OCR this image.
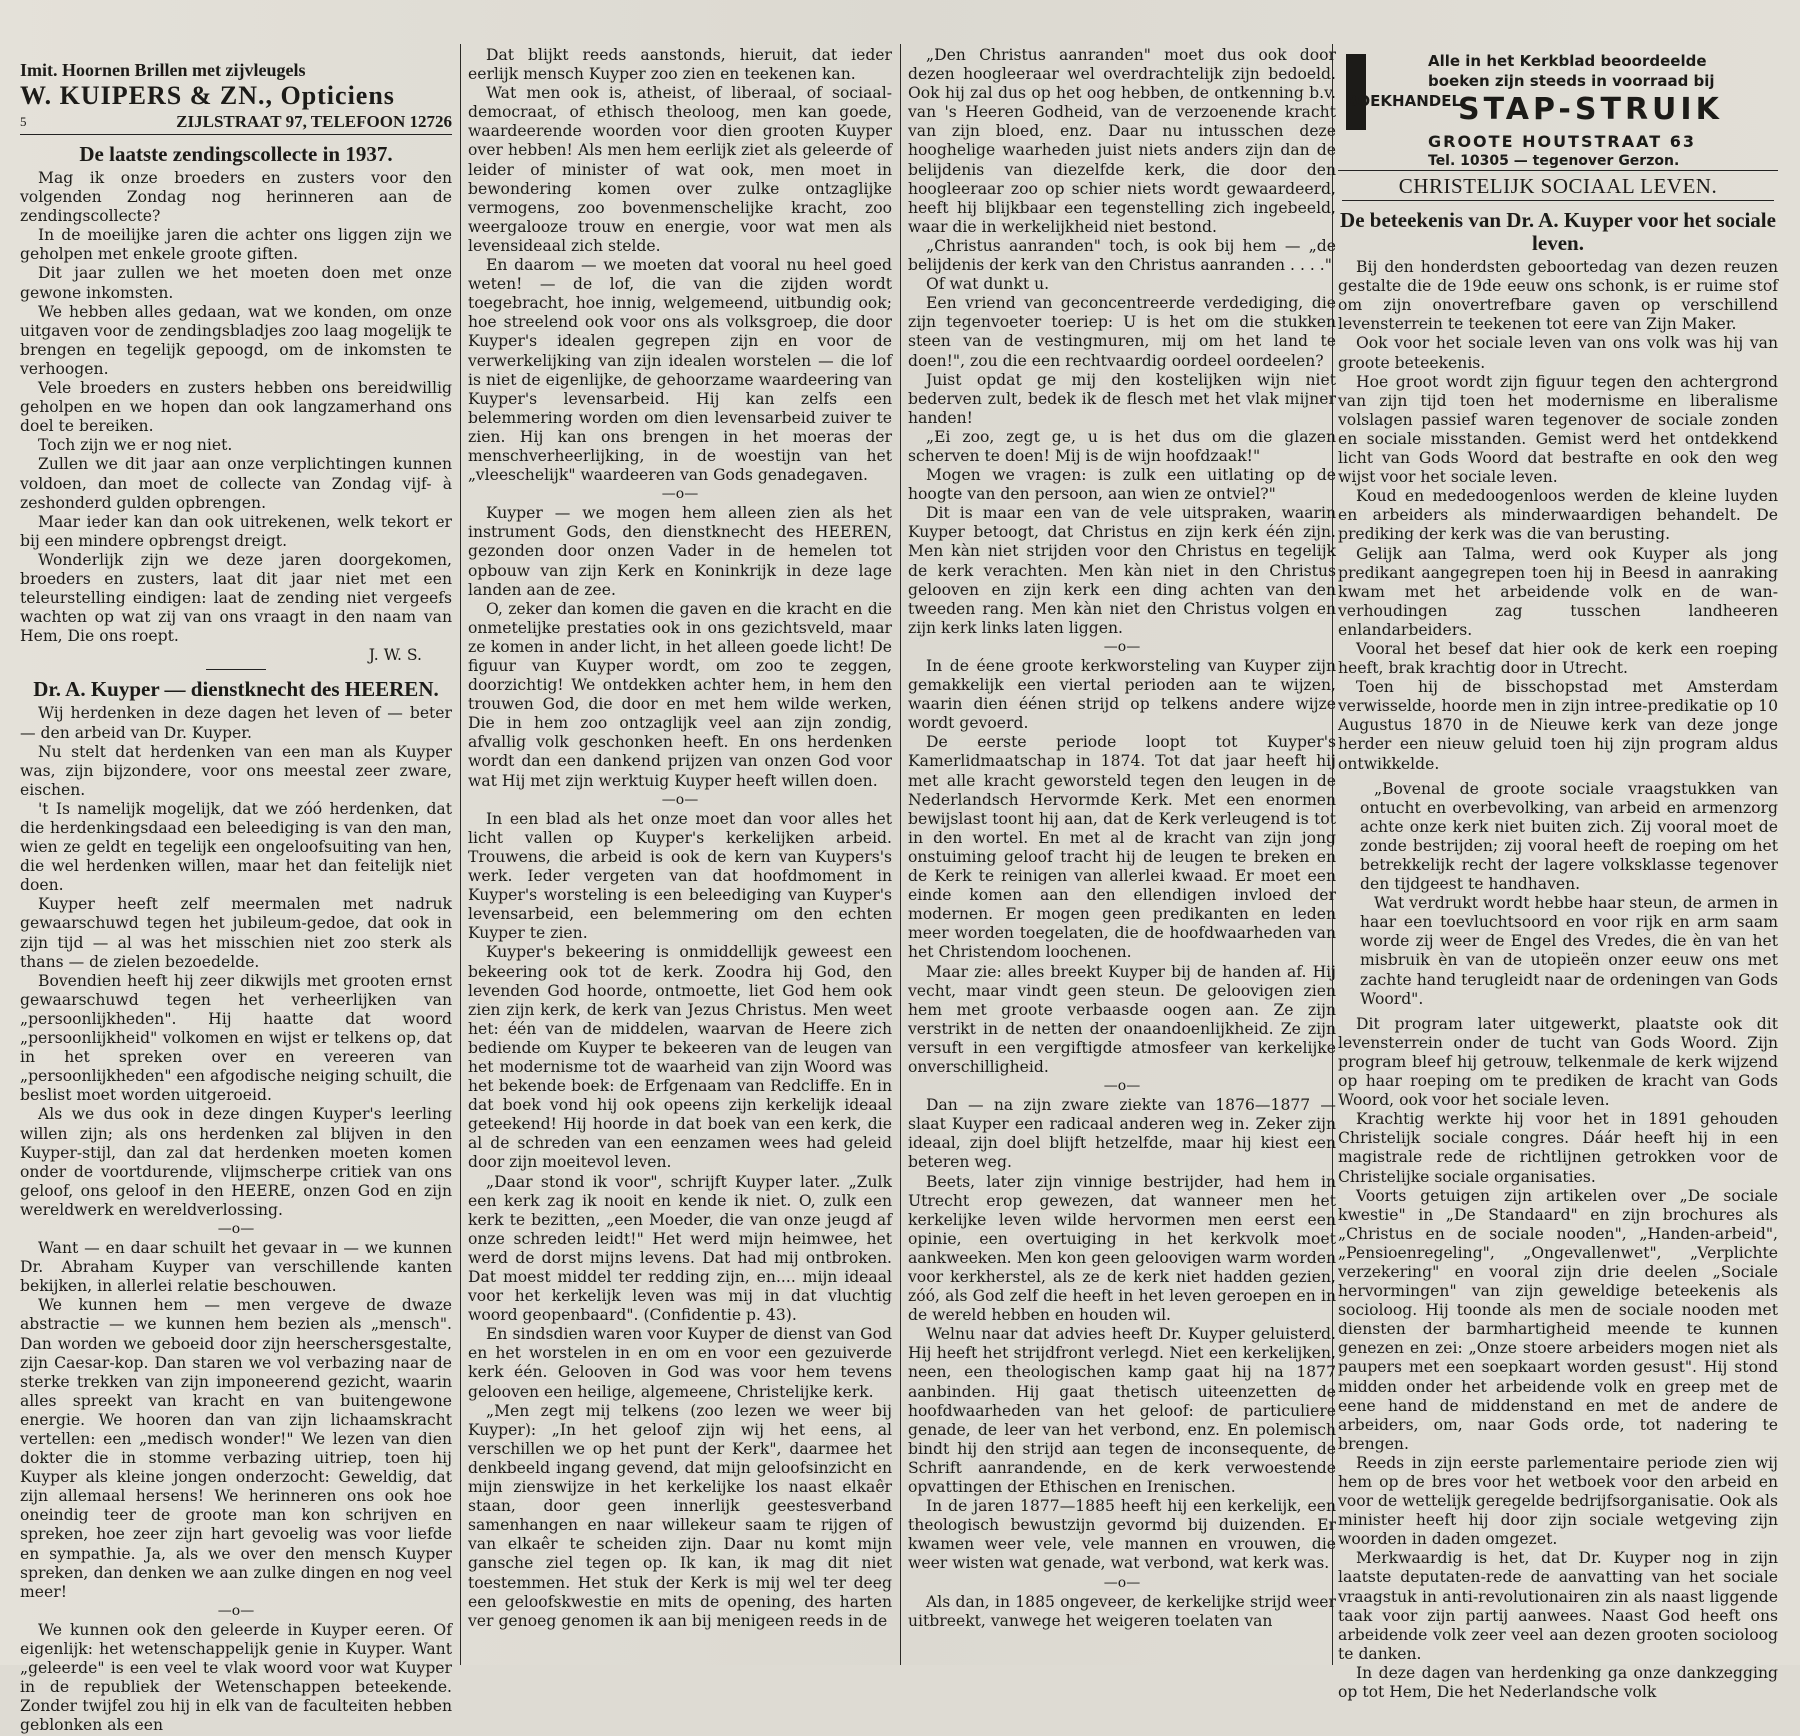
Imit. Hoornen Brillen met zijvleugels
W. KUIPERS & ZN., Opticiens
5	ZIJLSTRAAT 97, TELEFOON 12726
De laatste zendingscollecte in 1937.

Mag ik onze broeders en zusters voor den volgenden Zondag nog herinneren aan de zendingscollecte?

In de moeilijke jaren die achter ons liggen zijn we geholpen met enkele groote giften.

Dit jaar zullen we het moeten doen met onze gewone inkomsten.

We hebben alles gedaan, wat we konden, om onze uitgaven voor de zendingsbladjes zoo laag mogelijk te brengen en tegelijk gepoogd, om de inkomsten te verhoogen.

Vele broeders en zusters hebben ons bereidwillig geholpen en we hopen dan ook langzamerhand ons doel te bereiken.

Toch zijn we er nog niet.

Zullen we dit jaar aan onze verplichtingen kunnen voldoen, dan moet de collecte van Zondag vijf- à zeshonderd gulden opbrengen.

Maar ieder kan dan ook uitrekenen, welk tekort er bij een mindere opbrengst dreigt.

Wonderlijk zijn we deze jaren doorgekomen, broeders en zusters, laat dit jaar niet met een teleurstelling eindigen: laat de zending niet vergeefs wachten op wat zij van ons vraagt in den naam van Hem, Die ons roept.

J. W. S.

Dr. A. Kuyper — dienstknecht des HEEREN.

Wij herdenken in deze dagen het leven of — beter — den arbeid van Dr. Kuyper.

Nu stelt dat herdenken van een man als Kuyper was, zijn bijzondere, voor ons meestal zeer zware, eischen.

't Is namelijk mogelijk, dat we zóó herdenken, dat die herdenkingsdaad een beleediging is van den man, wien ze geldt en tegelijk een ongeloofsuiting van hen, die wel herdenken willen, maar het dan feitelijk niet doen.

Kuyper heeft zelf meermalen met nadruk gewaarschuwd tegen het jubileum-gedoe, dat ook in zijn tijd — al was het misschien niet zoo sterk als thans — de zielen bezoedelde.

Bovendien heeft hij zeer dikwijls met grooten ernst gewaarschuwd tegen het verheerlijken van „persoonlijkheden". Hij haatte dat woord „persoonlijkheid" volkomen en wijst er telkens op, dat in het spreken over en vereeren van „persoonlijkheden" een afgodische neiging schuilt, die beslist moet worden uitgeroeid.

Als we dus ook in deze dingen Kuyper's leerling willen zijn; als ons herdenken zal blijven in den Kuyper-stijl, dan zal dat herdenken moeten komen onder de voortdurende, vlijmscherpe critiek van ons geloof, ons geloof in den HEERE, onzen God en zijn wereldwerk en wereldverlossing.

—o—

Want — en daar schuilt het gevaar in — we kunnen Dr. Abraham Kuyper van verschillende kanten bekijken, in allerlei relatie beschouwen.

We kunnen hem — men vergeve de dwaze abstractie — we kunnen hem bezien als „mensch". Dan worden we geboeid door zijn heerschersgestalte, zijn Caesar-kop. Dan staren we vol verbazing naar de sterke trekken van zijn imponeerend gezicht, waarin alles spreekt van kracht en van buitengewone energie. We hooren dan van zijn lichaamskracht vertellen: een „medisch wonder!" We lezen van dien dokter die in stomme verbazing uitriep, toen hij Kuyper als kleine jongen onderzocht: Geweldig, dat zijn allemaal hersens! We herinneren ons ook hoe oneindig teer de groote man kon schrijven en spreken, hoe zeer zijn hart gevoelig was voor liefde en sympathie. Ja, als we over den mensch Kuyper spreken, dan denken we aan zulke dingen en nog veel meer!

—o—

We kunnen ook den geleerde in Kuyper eeren. Of eigenlijk: het wetenschappelijk genie in Kuyper. Want „geleerde" is een veel te vlak woord voor wat Kuyper in de republiek der Wetenschappen beteekende. Zonder twijfel zou hij in elk van de faculteiten hebben geblonken als een

Dat blijkt reeds aanstonds, hieruit, dat ieder eerlijk mensch Kuyper zoo zien en teekenen kan.

Wat men ook is, atheist, of liberaal, of sociaal-democraat, of ethisch theoloog, men kan goede, waardeerende woorden voor dien grooten Kuyper over hebben! Als men hem eerlijk ziet als geleerde of leider of minister of wat ook, men moet in bewondering komen over zulke ontzaglijke vermogens, zoo bovenmenschelijke kracht, zoo weergalooze trouw en energie, voor wat men als levensideaal zich stelde.

En daarom — we moeten dat vooral nu heel goed weten! — de lof, die van die zijden wordt toegebracht, hoe innig, welgemeend, uitbundig ook; hoe streelend ook voor ons als volksgroep, die door Kuyper's idealen gegrepen zijn en voor de verwerkelijking van zijn idealen worstelen — die lof is niet de eigenlijke, de gehoorzame waardeering van Kuyper's levensarbeid. Hij kan zelfs een belemmering worden om dien levensarbeid zuiver te zien. Hij kan ons brengen in het moeras der menschverheerlijking, in de woestijn van het „vleeschelijk" waardeeren van Gods genadegaven.

—o—

Kuyper — we mogen hem alleen zien als het instrument Gods, den dienstknecht des HEEREN, gezonden door onzen Vader in de hemelen tot opbouw van zijn Kerk en Koninkrijk in deze lage landen aan de zee.

O, zeker dan komen die gaven en die kracht en die onmetelijke prestaties ook in ons gezichtsveld, maar ze komen in ander licht, in het alleen goede licht! De figuur van Kuyper wordt, om zoo te zeggen, doorzichtig! We ontdekken achter hem, in hem den trouwen God, die door en met hem wilde werken, Die in hem zoo ontzaglijk veel aan zijn zondig, afvallig volk geschonken heeft. En ons herdenken wordt dan een dankend prijzen van onzen God voor wat Hij met zijn werktuig Kuyper heeft willen doen.

—o—

In een blad als het onze moet dan voor alles het licht vallen op Kuyper's kerkelijken arbeid. Trouwens, die arbeid is ook de kern van Kuypers's werk. Ieder vergeten van dat hoofdmoment in Kuyper's worsteling is een beleediging van Kuyper's levensarbeid, een belemmering om den echten Kuyper te zien.

Kuyper's bekeering is onmiddellijk geweest een bekeering ook tot de kerk. Zoodra hij God, den levenden God hoorde, ontmoette, liet God hem ook zien zijn kerk, de kerk van Jezus Christus. Men weet het: één van de middelen, waarvan de Heere zich bediende om Kuyper te bekeeren van de leugen van het modernisme tot de waarheid van zijn Woord was het bekende boek: de Erfgenaam van Redcliffe. En in dat boek vond hij ook opeens zijn kerkelijk ideaal geteekend! Hij hoorde in dat boek van een kerk, die al de schreden van een eenzamen wees had geleid door zijn moeitevol leven.

„Daar stond ik voor", schrijft Kuyper later. „Zulk een kerk zag ik nooit en kende ik niet. O, zulk een kerk te bezitten, „een Moeder, die van onze jeugd af onze schreden leidt!" Het werd mijn heimwee, het werd de dorst mijns levens. Dat had mij ontbroken. Dat moest middel ter redding zijn, en.... mijn ideaal voor het kerkelijk leven was mij in dat vluchtig woord geopenbaard". (Confidentie p. 43).

En sindsdien waren voor Kuyper de dienst van God en het worstelen in en om en voor een gezuiverde kerk één. Gelooven in God was voor hem tevens gelooven een heilige, algemeene, Christelijke kerk.

„Men zegt mij telkens (zoo lezen we weer bij Kuyper): „In het geloof zijn wij het eens, al verschillen we op het punt der Kerk", daarmee het denkbeeld ingang gevend, dat mijn geloofsinzicht en mijn zienswijze in het kerkelijke los naast elkaêr staan, door geen innerlijk geestesverband samenhangen en naar willekeur saam te rijgen of van elkaêr te scheiden zijn. Daar nu komt mijn gansche ziel tegen op. Ik kan, ik mag dit niet toestemmen. Het stuk der Kerk is mij wel ter deeg een geloofskwestie en mits de opening, des harten ver genoeg genomen ik aan bij menigeen reeds in de

„Den Christus aanranden" moet dus ook door dezen hoogleeraar wel overdrachtelijk zijn bedoeld. Ook hij zal dus op het oog hebben, de ontkenning b.v. van 's Heeren Godheid, van de verzoenende kracht van zijn bloed, enz. Daar nu intusschen deze hooghelige waarheden juist niets anders zijn dan de belijdenis van diezelfde kerk, die door den hoogleeraar zoo op schier niets wordt gewaardeerd, heeft hij blijkbaar een tegenstelling zich ingebeeld, waar die in werkelijkheid niet bestond.

„Christus aanranden" toch, is ook bij hem — „de belijdenis der kerk van den Christus aanranden . . . ."

Of wat dunkt u.

Een vriend van geconcentreerde verdediging, die zijn tegenvoeter toeriep: U is het om die stukken steen van de vestingmuren, mij om het land te doen!", zou die een rechtvaardig oordeel oordeelen?

Juist opdat ge mij den kostelijken wijn niet bederven zult, bedek ik de flesch met het vlak mijner handen!

„Ei zoo, zegt ge, u is het dus om die glazen scherven te doen! Mij is de wijn hoofdzaak!"

Mogen we vragen: is zulk een uitlating op de hoogte van den persoon, aan wien ze ontviel?"

Dit is maar een van de vele uitspraken, waarin Kuyper betoogt, dat Christus en zijn kerk één zijn. Men kàn niet strijden voor den Christus en tegelijk de kerk verachten. Men kàn niet in den Christus gelooven en zijn kerk een ding achten van den tweeden rang. Men kàn niet den Christus volgen en zijn kerk links laten liggen.

—o—

In de éene groote kerkworsteling van Kuyper zijn gemakkelijk een viertal perioden aan te wijzen, waarin dien éénen strijd op telkens andere wijze wordt gevoerd.

De eerste periode loopt tot Kuyper's Kamerlidmaatschap in 1874. Tot dat jaar heeft hij met alle kracht geworsteld tegen den leugen in de Nederlandsch Hervormde Kerk. Met een enormen bewijslast toont hij aan, dat de Kerk verleugend is tot in den wortel. En met al de kracht van zijn jong onstuiming geloof tracht hij de leugen te breken en de Kerk te reinigen van allerlei kwaad. Er moet een einde komen aan den ellendigen invloed der modernen. Er mogen geen predikanten en leden meer worden toegelaten, die de hoofdwaarheden van het Christendom loochenen.

Maar zie: alles breekt Kuyper bij de handen af. Hij vecht, maar vindt geen steun. De geloovigen zien hem met groote verbaasde oogen aan. Ze zijn verstrikt in de netten der onaandoenlijkheid. Ze zijn versuft in een vergiftigde atmosfeer van kerkelijke onverschilligheid.

—o—

Dan — na zijn zware ziekte van 1876—1877 — slaat Kuyper een radicaal anderen weg in. Zeker zijn ideaal, zijn doel blijft hetzelfde, maar hij kiest een beteren weg.

Beets, later zijn vinnige bestrijder, had hem in Utrecht erop gewezen, dat wanneer men het kerkelijke leven wilde hervormen men eerst een opinie, een overtuiging in het kerkvolk moet aankweeken. Men kon geen geloovigen warm worden voor kerkherstel, als ze de kerk niet hadden gezien, zóó, als God zelf die heeft in het leven geroepen en in de wereld hebben en houden wil.

Welnu naar dat advies heeft Dr. Kuyper geluisterd. Hij heeft het strijdfront verlegd. Niet een kerkelijken, neen, een theologischen kamp gaat hij na 1877 aanbinden. Hij gaat thetisch uiteenzetten de hoofdwaarheden van het geloof: de particuliere genade, de leer van het verbond, enz. En polemisch bindt hij den strijd aan tegen de inconsequente, de Schrift aanrandende, en de kerk verwoestende opvattingen der Ethischen en Irenischen.

In de jaren 1877—1885 heeft hij een kerkelijk, een theologisch bewustzijn gevormd bij duizenden. Er kwamen weer vele, vele mannen en vrouwen, die weer wisten wat genade, wat verbond, wat kerk was.

—o—

Als dan, in 1885 ongeveer, de kerkelijke strijd weer uitbreekt, vanwege het weigeren toelaten van

Alle in het Kerkblad beoordeelde
boeken zijn steeds in voorraad bij
BOEKHANDEL
STAP-STRUIK
GROOTE HOUTSTRAAT 63
Tel. 10305 — tegenover Gerzon.
CHRISTELIJK SOCIAAL LEVEN.
De beteekenis van Dr. A. Kuyper voor het sociale leven.

Bij den honderdsten geboortedag van dezen reuzen gestalte die de 19de eeuw ons schonk, is er ruime stof om zijn onovertrefbare gaven op verschillend levensterrein te teekenen tot eere van Zijn Maker.

Ook voor het sociale leven van ons volk was hij van groote beteekenis.

Hoe groot wordt zijn figuur tegen den achtergrond van zijn tijd toen het modernisme en liberalisme volslagen passief waren tegenover de sociale zonden en sociale misstanden. Gemist werd het ontdekkend licht van Gods Woord dat bestrafte en ook den weg wijst voor het sociale leven.

Koud en mededoogenloos werden de kleine luyden en arbeiders als minderwaardigen behandelt. De prediking der kerk was die van berusting.

Gelijk aan Talma, werd ook Kuyper als jong predikant aangegrepen toen hij in Beesd in aanraking kwam met het arbeidende volk en de wan-verhoudingen zag tusschen landheeren enlandarbeiders.

Vooral het besef dat hier ook de kerk een roeping heeft, brak krachtig door in Utrecht.

Toen hij de bisschopstad met Amsterdam verwisselde, hoorde men in zijn intree-predikatie op 10 Augustus 1870 in de Nieuwe kerk van deze jonge herder een nieuw geluid toen hij zijn program aldus ontwikkelde.

„Bovenal de groote sociale vraagstukken van ontucht en overbevolking, van arbeid en armenzorg achte onze kerk niet buiten zich. Zij vooral moet de zonde bestrijden; zij vooral heeft de roeping om het betrekkelijk recht der lagere volksklasse tegenover den tijdgeest te handhaven.

Wat verdrukt wordt hebbe haar steun, de armen in haar een toevluchtsoord en voor rijk en arm saam worde zij weer de Engel des Vredes, die èn van het misbruik èn van de utopieën onzer eeuw ons met zachte hand terugleidt naar de ordeningen van Gods Woord".

Dit program later uitgewerkt, plaatste ook dit levensterrein onder de tucht van Gods Woord. Zijn program bleef hij getrouw, telkenmale de kerk wijzend op haar roeping om te prediken de kracht van Gods Woord, ook voor het sociale leven.

Krachtig werkte hij voor het in 1891 gehouden Christelijk sociale congres. Dáár heeft hij in een magistrale rede de richtlijnen getrokken voor de Christelijke sociale organisaties.

Voorts getuigen zijn artikelen over „De sociale kwestie" in „De Standaard" en zijn brochures als „Christus en de sociale nooden", „Handen-arbeid", „Pensioenregeling", „Ongevallenwet", „Verplichte verzekering" en vooral zijn drie deelen „Sociale hervormingen" van zijn geweldige beteekenis als socioloog. Hij toonde als men de sociale nooden met diensten der barmhartigheid meende te kunnen genezen en zei: „Onze stoere arbeiders mogen niet als paupers met een soepkaart worden gesust". Hij stond midden onder het arbeidende volk en greep met de eene hand de middenstand en met de andere de arbeiders, om, naar Gods orde, tot nadering te brengen.

Reeds in zijn eerste parlementaire periode zien wij hem op de bres voor het wetboek voor den arbeid en voor de wettelijk geregelde bedrijfsorganisatie. Ook als minister heeft hij door zijn sociale wetgeving zijn woorden in daden omgezet.

Merkwaardig is het, dat Dr. Kuyper nog in zijn laatste deputaten-rede de aanvatting van het sociale vraagstuk in anti-revolutionairen zin als naast liggende taak voor zijn partij aanwees. Naast God heeft ons arbeidende volk zeer veel aan dezen grooten socioloog te danken.

In deze dagen van herdenking ga onze dankzegging op tot Hem, Die het Nederlandsche volk
